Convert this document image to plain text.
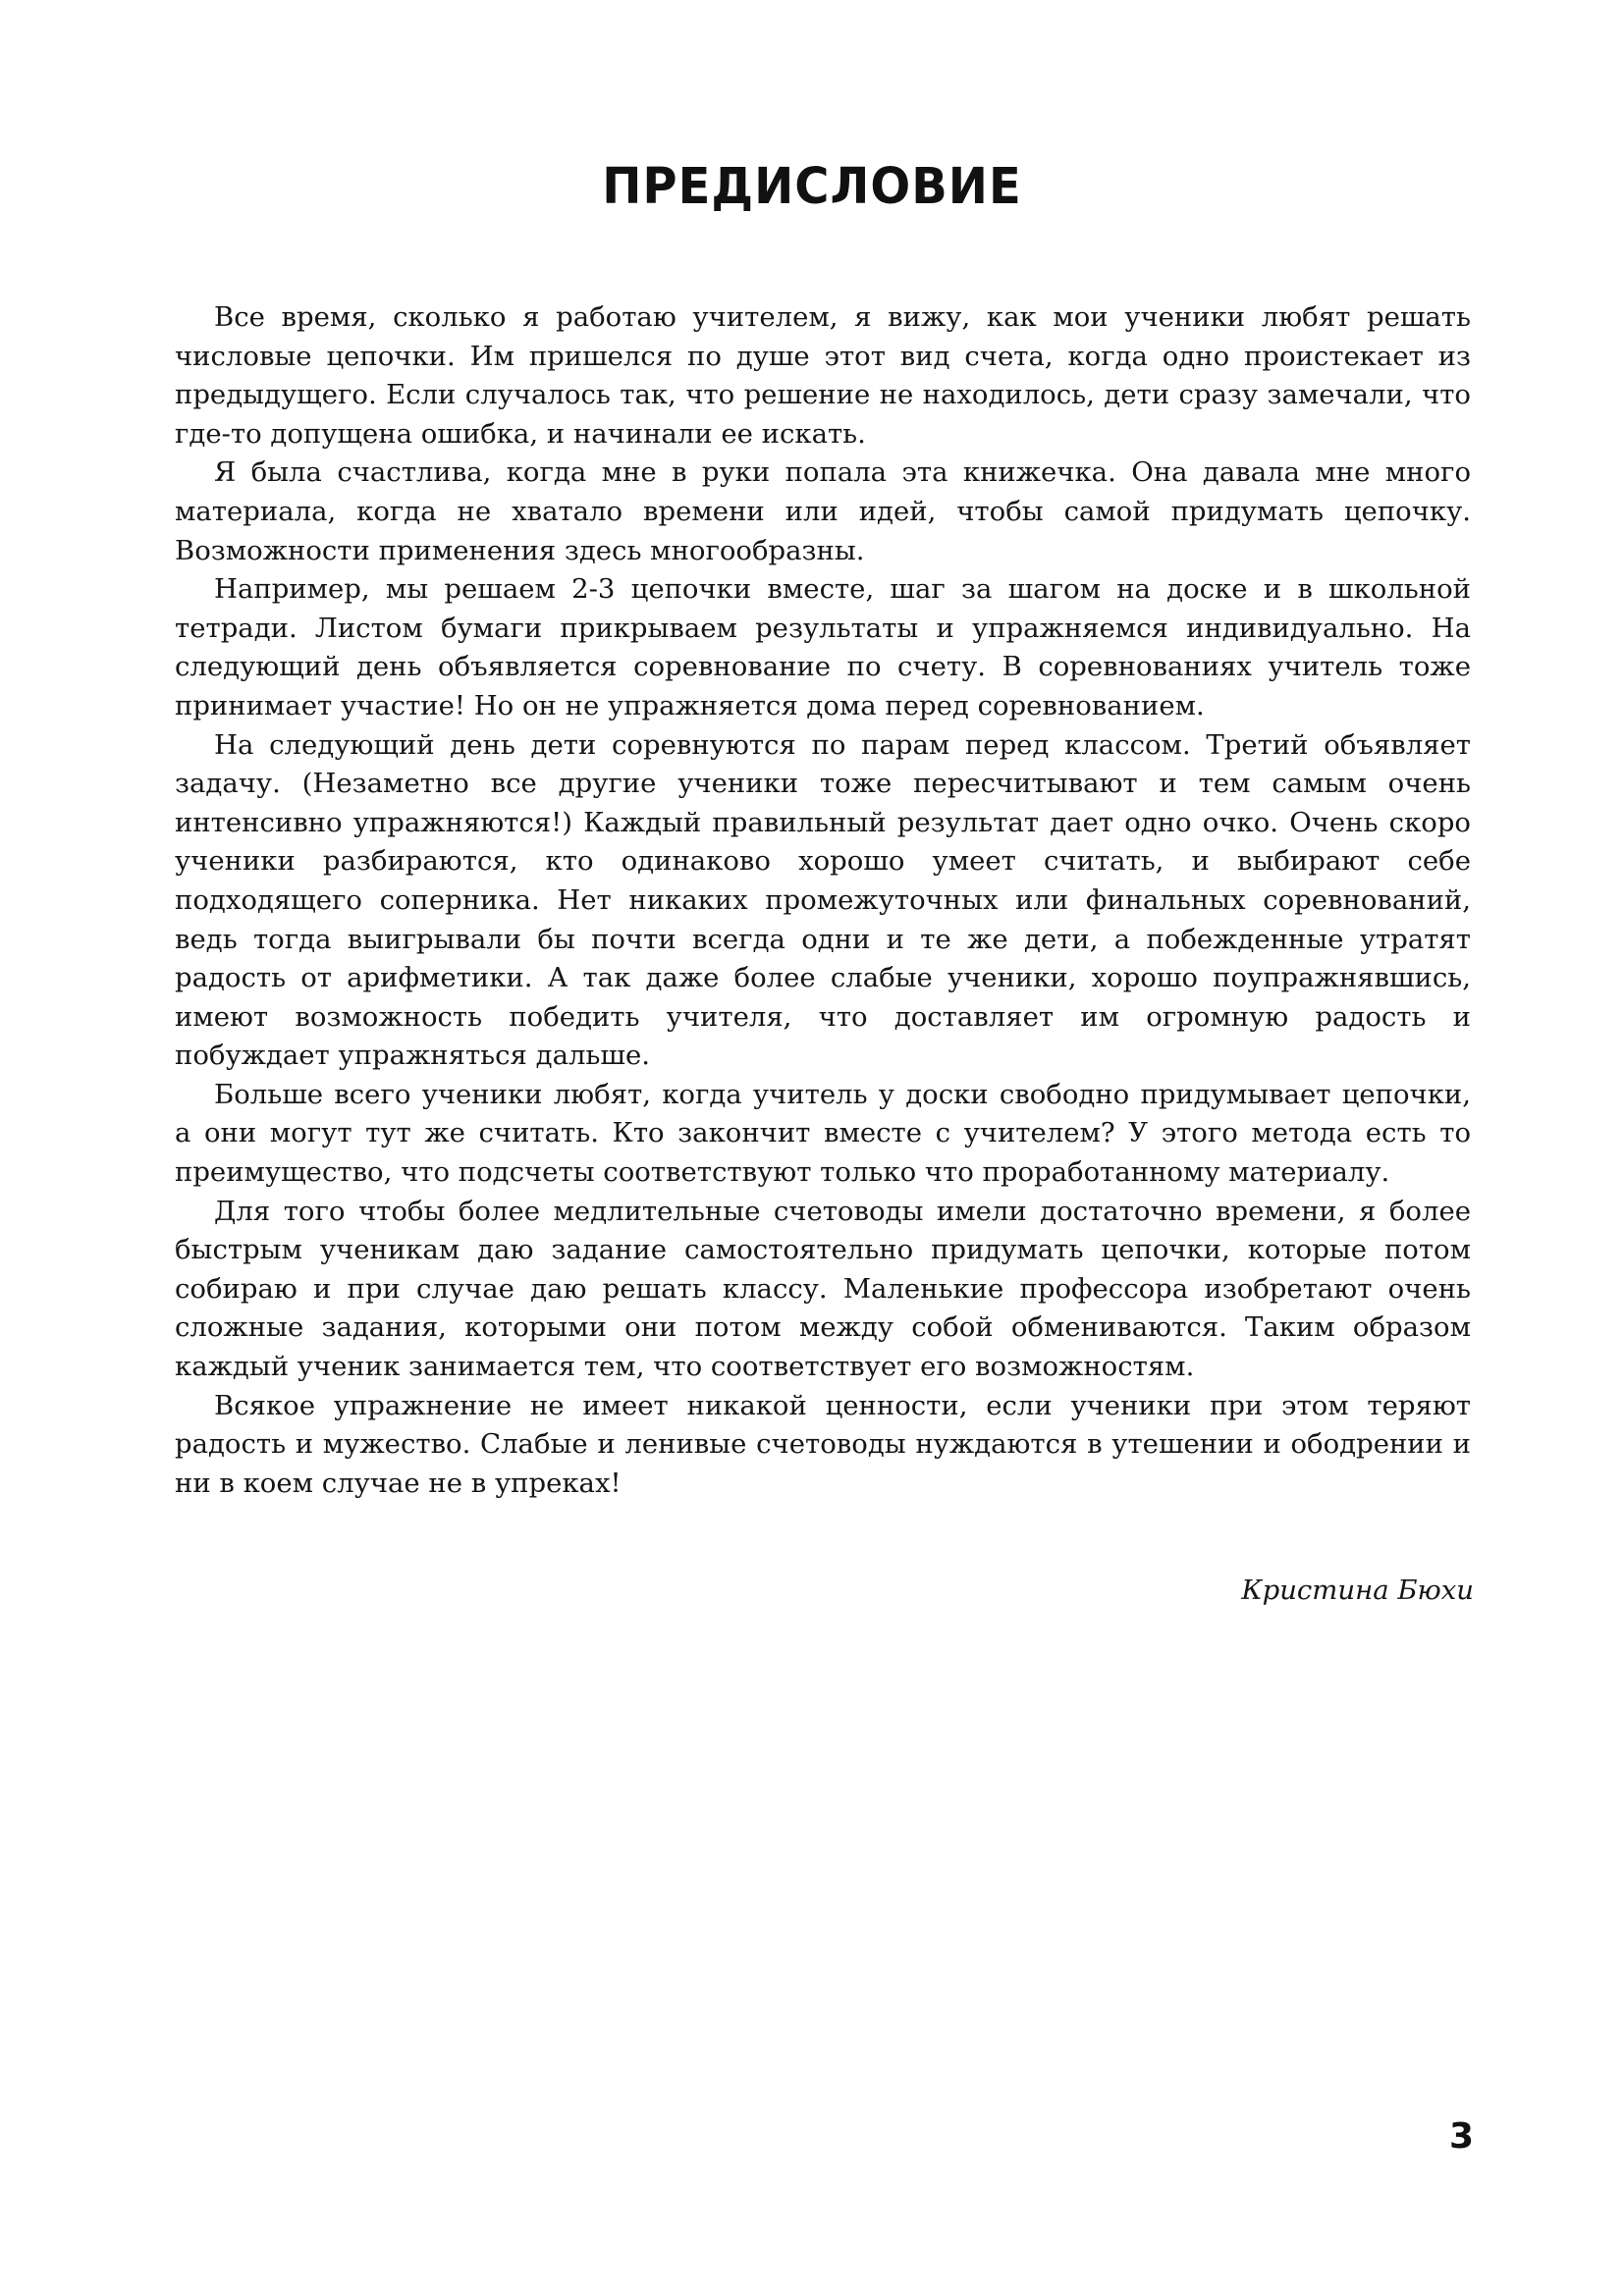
ПРЕДИСЛОВИЕ

Все время, сколько я работаю учителем, я вижу, как мои ученики любят решать числовые цепочки. Им пришелся по душе этот вид счета, когда одно проистекает из предыдущего. Если случалось так, что решение не находилось, дети сразу замечали, что где-то допущена ошибка, и начинали ее искать.

Я была счастлива, когда мне в руки попала эта книжечка. Она давала мне много материала, когда не хватало времени или идей, чтобы самой придумать цепочку. Возможности применения здесь многообразны.

Например, мы решаем 2-3 цепочки вместе, шаг за шагом на доске и в школьной тетради. Листом бумаги прикрываем результаты и упражняемся индивидуально. На следующий день объявляется соревнование по счету. В соревнованиях учитель тоже принимает участие! Но он не упражняется дома перед соревнованием.

На следующий день дети соревнуются по парам перед классом. Третий объявляет задачу. (Незаметно все другие ученики тоже пересчитывают и тем самым очень интенсивно упражняются!) Каждый правильный результат дает одно очко. Очень скоро ученики разбираются, кто одинаково хорошо умеет считать, и выбирают себе подходящего соперника. Нет никаких промежуточных или финальных соревнований, ведь тогда выигрывали бы почти всегда одни и те же дети, а побежденные утратят радость от арифметики. А так даже более слабые ученики, хорошо поупражнявшись, имеют возможность победить учителя, что доставляет им огромную радость и побуждает упражняться дальше.

Больше всего ученики любят, когда учитель у доски свободно придумывает цепочки, а они могут тут же считать. Кто закончит вместе с учителем? У этого метода есть то преимущество, что подсчеты соответствуют только что проработанному материалу.

Для того чтобы более медлительные счетоводы имели достаточно времени, я более быстрым ученикам даю задание самостоятельно придумать цепочки, которые потом собираю и при случае даю решать классу. Маленькие профессора изобретают очень сложные задания, которыми они потом между собой обмениваются. Таким образом каждый ученик занимается тем, что соответствует его возможностям.

Всякое упражнение не имеет никакой ценности, если ученики при этом теряют радость и мужество. Слабые и ленивые счетоводы нуждаются в утешении и ободрении и ни в коем случае не в упреках!

Кристина Бюхи
3
